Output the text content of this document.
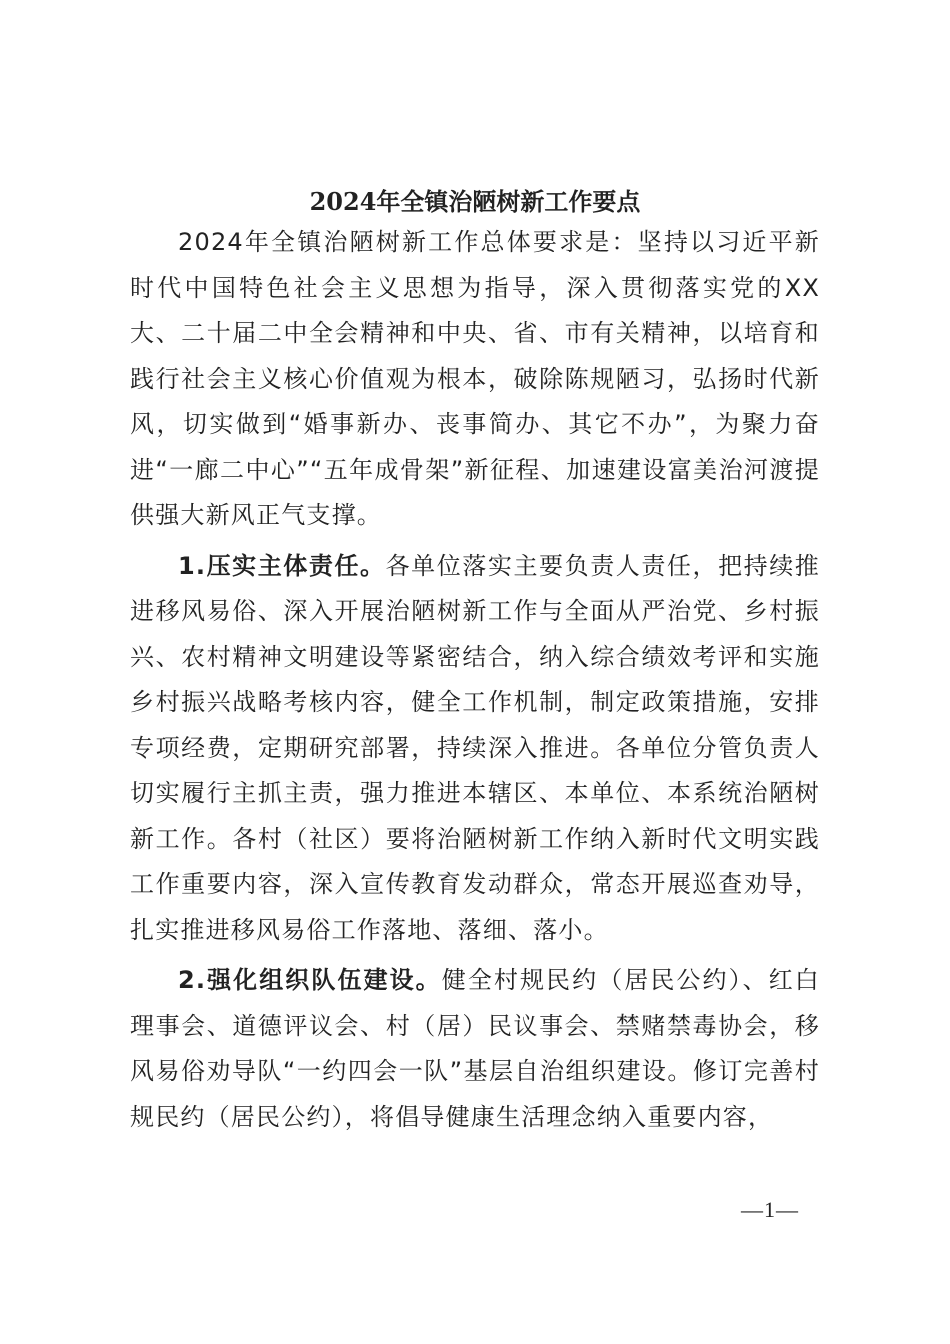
2024年全镇治陋树新工作要点

2024年全镇治陋树新工作总体要求是：坚持以习近平新时代中国特色社会主义思想为指导，深入贯彻落实党的XX大、二十届二中全会精神和中央、省、市有关精神，以培育和践行社会主义核心价值观为根本，破除陈规陋习，弘扬时代新风，切实做到“婚事新办、丧事简办、其它不办”，为聚力奋进“一廊二中心”“五年成骨架”新征程、加速建设富美治河渡提供强大新风正气支撑。

1.压实主体责任。各单位落实主要负责人责任，把持续推进移风易俗、深入开展治陋树新工作与全面从严治党、乡村振兴、农村精神文明建设等紧密结合，纳入综合绩效考评和实施乡村振兴战略考核内容，健全工作机制，制定政策措施，安排专项经费，定期研究部署，持续深入推进。各单位分管负责人切实履行主抓主责，强力推进本辖区、本单位、本系统治陋树新工作。各村（社区）要将治陋树新工作纳入新时代文明实践工作重要内容，深入宣传教育发动群众，常态开展巡查劝导，扎实推进移风易俗工作落地、落细、落小。

2.强化组织队伍建设。健全村规民约（居民公约）、红白理事会、道德评议会、村（居）民议事会、禁赌禁毒协会，移风易俗劝导队“一约四会一队”基层自治组织建设。修订完善村规民约（居民公约），将倡导健康生活理念纳入重要内容，

—1—
